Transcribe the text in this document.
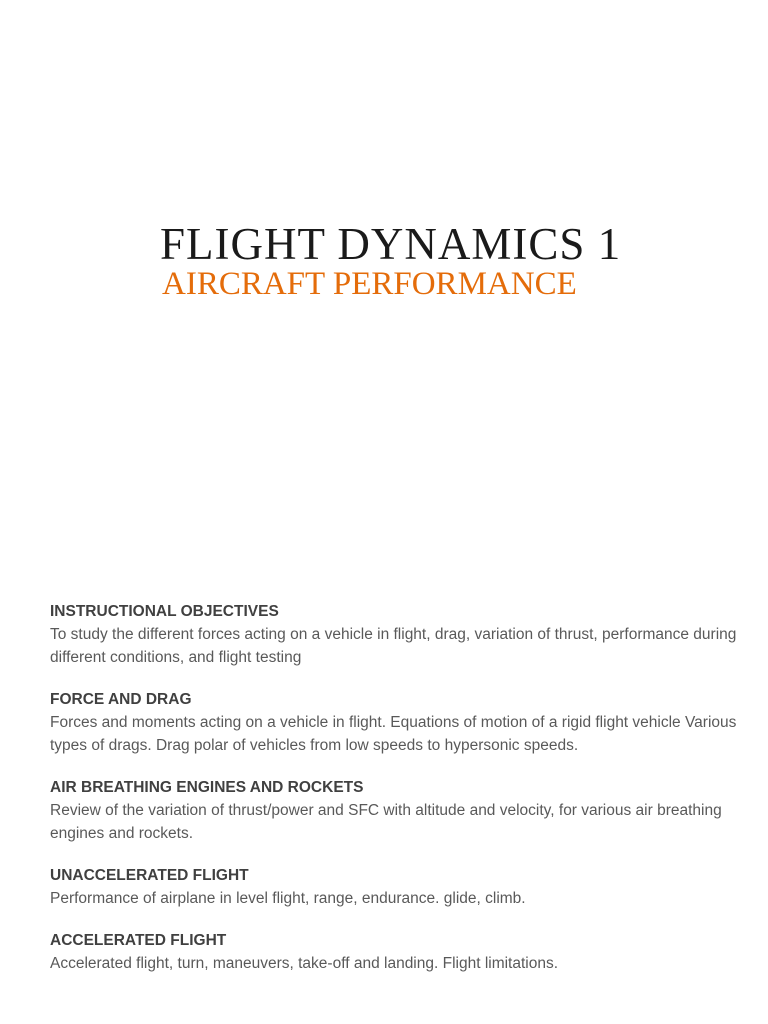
FLIGHT DYNAMICS 1
AIRCRAFT PERFORMANCE

INSTRUCTIONAL OBJECTIVES

To study the different forces acting on a vehicle in flight, drag, variation of thrust, performance during different conditions, and flight testing

FORCE AND DRAG

Forces and moments acting on a vehicle in flight. Equations of motion of a rigid flight vehicle Various types of drags. Drag polar of vehicles from low speeds to hypersonic speeds.

AIR BREATHING ENGINES AND ROCKETS

Review of the variation of thrust/power and SFC with altitude and velocity, for various air breathing engines and rockets.

UNACCELERATED FLIGHT

Performance of airplane in level flight, range, endurance. glide, climb.

ACCELERATED FLIGHT

Accelerated flight, turn, maneuvers, take-off and landing. Flight limitations.
